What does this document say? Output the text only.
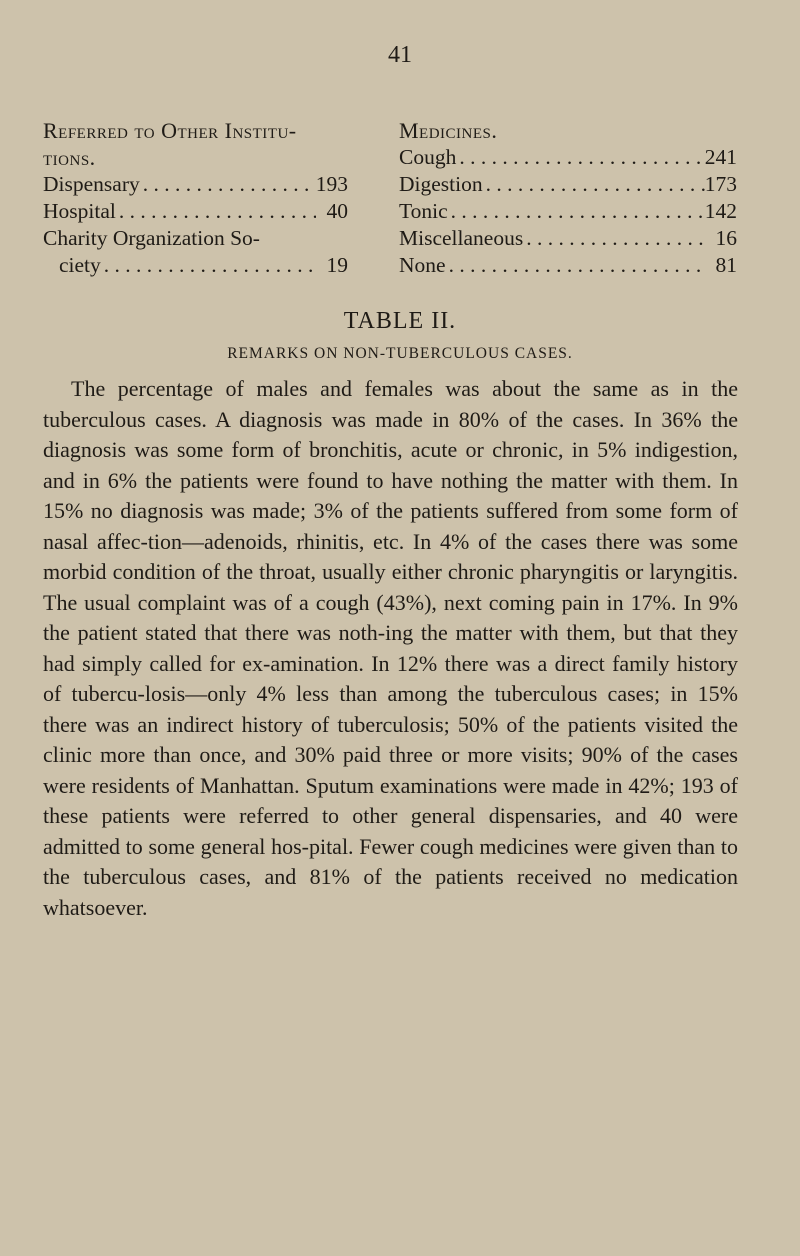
41
Referred to Other Institu-
tions.
Dispensary . . .	193
Hospital . . .	40
Charity Organization So-
ciety . . .	19
Medicines.
Cough . . .	241
Digestion . . .	173
Tonic . . .	142
Miscellaneous . . .	16
None . . .	81
TABLE II.
REMARKS ON NON-TUBERCULOUS CASES.

The percentage of males and females was about the same as in the tuberculous cases. A diagnosis was made in 80% of the cases. In 36% the diagnosis was some form of bronchitis, acute or chronic, in 5% indigestion, and in 6% the patients were found to have nothing the matter with them. In 15% no diagnosis was made; 3% of the patients suffered from some form of nasal affec-tion—adenoids, rhinitis, etc. In 4% of the cases there was some morbid condition of the throat, usually either chronic pharyngitis or laryngitis. The usual complaint was of a cough (43%), next coming pain in 17%. In 9% the patient stated that there was noth-ing the matter with them, but that they had simply called for ex-amination. In 12% there was a direct family history of tubercu-losis—only 4% less than among the tuberculous cases; in 15% there was an indirect history of tuberculosis; 50% of the patients visited the clinic more than once, and 30% paid three or more visits; 90% of the cases were residents of Manhattan. Sputum examinations were made in 42%; 193 of these patients were referred to other general dispensaries, and 40 were admitted to some general hos-pital. Fewer cough medicines were given than to the tuberculous cases, and 81% of the patients received no medication whatsoever.
